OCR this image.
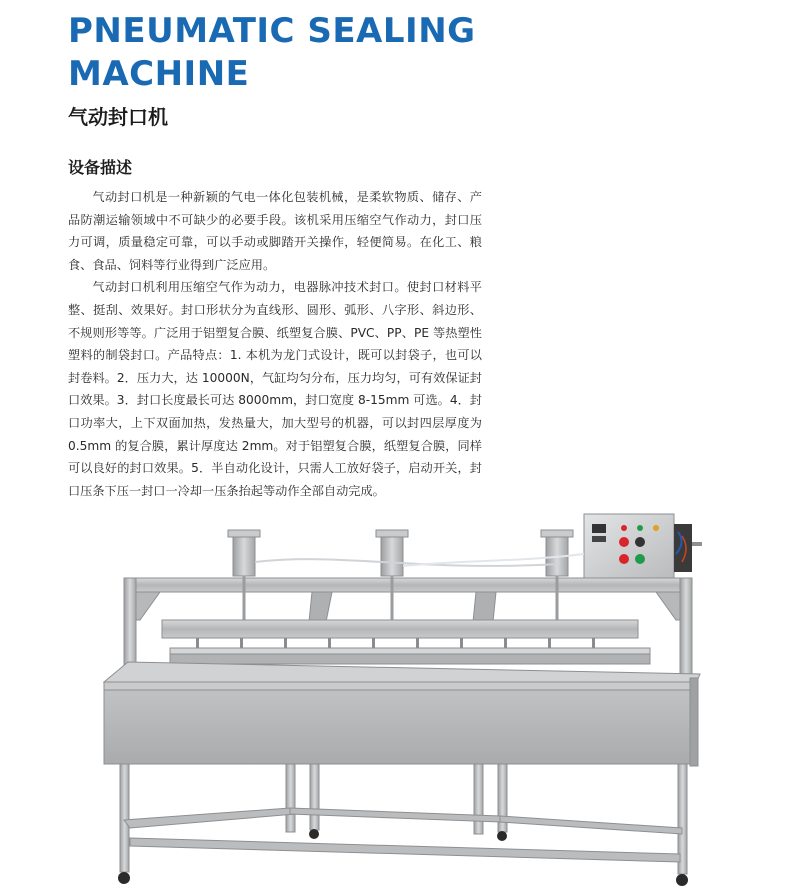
PNEUMATIC SEALING MACHINE
气动封口机
设备描述

气动封口机是一种新颖的气电一体化包装机械，是柔软物质、储存、产品防潮运输领域中不可缺少的必要手段。该机采用压缩空气作动力，封口压力可调，质量稳定可靠，可以手动或脚踏开关操作，轻便简易。在化工、粮食、食品、饲料等行业得到广泛应用。

气动封口机利用压缩空气作为动力，电器脉冲技术封口。使封口材料平整、挺刮、效果好。封口形状分为直线形、圆形、弧形、八字形、斜边形、不规则形等等。广泛用于铝塑复合膜、纸塑复合膜、PVC、PP、PE 等热塑性塑料的制袋封口。产品特点：1. 本机为龙门式设计，既可以封袋子，也可以封卷料。2．压力大，达 10000N，气缸均匀分布，压力均匀，可有效保证封口效果。3．封口长度最长可达 8000mm，封口宽度 8-15mm 可选。4．封口功率大，上下双面加热，发热量大，加大型号的机器，可以封四层厚度为 0.5mm 的复合膜，累计厚度达 2mm。对于铝塑复合膜，纸塑复合膜，同样可以良好的封口效果。5．半自动化设计，只需人工放好袋子，启动开关，封口压条下压一封口一冷却一压条抬起等动作全部自动完成。
